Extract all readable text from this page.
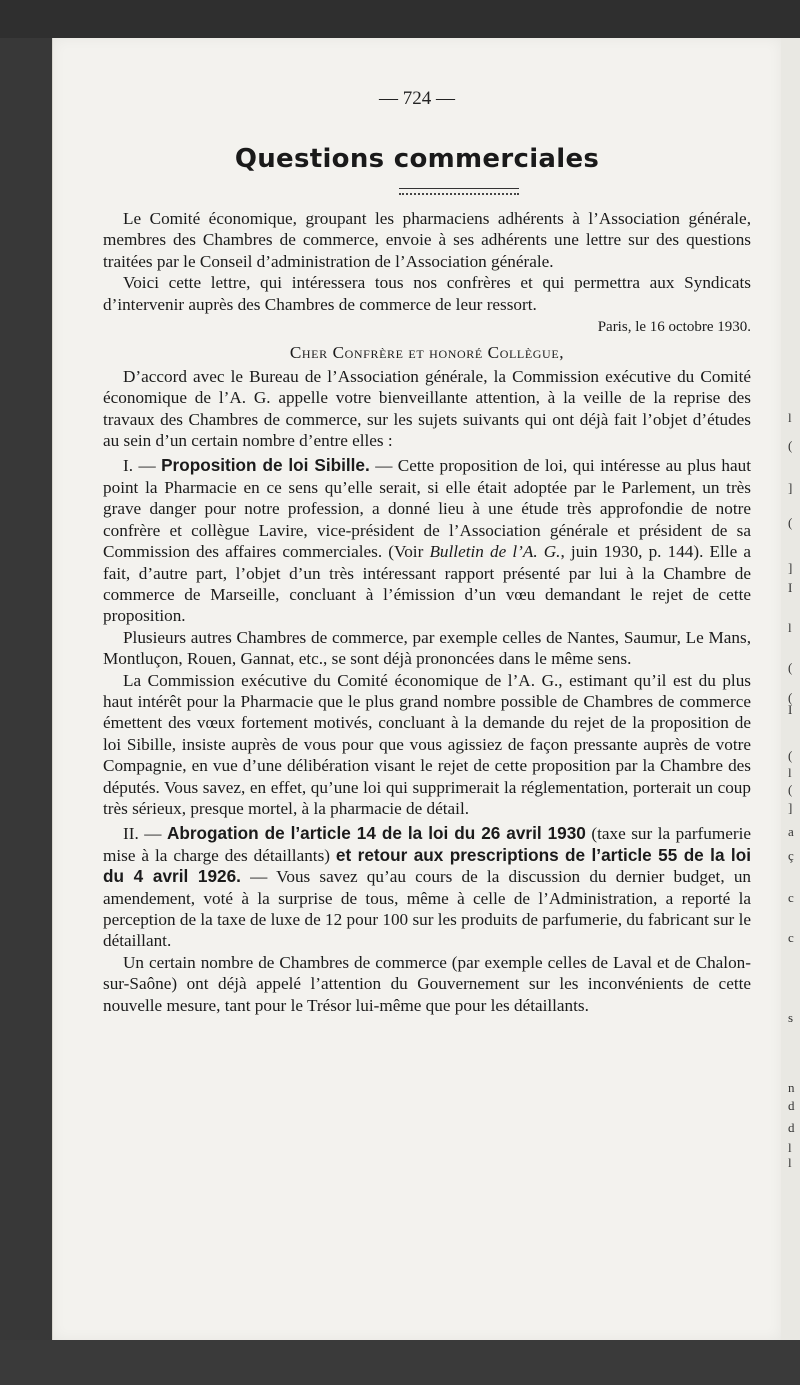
l
(
]
(
]
I
l
(
(
I
(
l
(
]
a
ç
c
c
s
n
d
d
l
l
— 724 —
Questions commerciales

Le Comité économique, groupant les pharmaciens adhérents à l’Association générale, membres des Chambres de commerce, envoie à ses adhérents une lettre sur des questions traitées par le Conseil d’administration de l’Association générale.

Voici cette lettre, qui intéressera tous nos confrères et qui permettra aux Syndicats d’intervenir auprès des Chambres de commerce de leur ressort.

Paris, le 16 octobre 1930.

Cher Confrère et honoré Collègue,

D’accord avec le Bureau de l’Association générale, la Commission exécutive du Comité économique de l’A. G. appelle votre bienveillante attention, à la veille de la reprise des travaux des Chambres de commerce, sur les sujets suivants qui ont déjà fait l’objet d’études au sein d’un certain nombre d’entre elles :

I. — Proposition de loi Sibille. — Cette proposition de loi, qui intéresse au plus haut point la Pharmacie en ce sens qu’elle serait, si elle était adoptée par le Parlement, un très grave danger pour notre profession, a donné lieu à une étude très approfondie de notre confrère et collègue Lavire, vice-président de l’Association générale et président de sa Commission des affaires commerciales. (Voir Bulletin de l’A. G., juin 1930, p. 144). Elle a fait, d’autre part, l’objet d’un très intéressant rapport présenté par lui à la Chambre de commerce de Marseille, concluant à l’émission d’un vœu demandant le rejet de cette proposition.

Plusieurs autres Chambres de commerce, par exemple celles de Nantes, Saumur, Le Mans, Montluçon, Rouen, Gannat, etc., se sont déjà prononcées dans le même sens.

La Commission exécutive du Comité économique de l’A. G., estimant qu’il est du plus haut intérêt pour la Pharmacie que le plus grand nombre possible de Chambres de commerce émettent des vœux fortement motivés, concluant à la demande du rejet de la proposition de loi Sibille, insiste auprès de vous pour que vous agissiez de façon pressante auprès de votre Compagnie, en vue d’une délibération visant le rejet de cette proposition par la Chambre des députés. Vous savez, en effet, qu’une loi qui supprimerait la réglementation, porterait un coup très sérieux, presque mortel, à la pharmacie de détail.

II. — Abrogation de l’article 14 de la loi du 26 avril 1930 (taxe sur la parfumerie mise à la charge des détaillants) et retour aux prescriptions de l’article 55 de la loi du 4 avril 1926. — Vous savez qu’au cours de la discussion du dernier budget, un amendement, voté à la surprise de tous, même à celle de l’Administration, a reporté la perception de la taxe de luxe de 12 pour 100 sur les produits de parfumerie, du fabricant sur le détaillant.

Un certain nombre de Chambres de commerce (par exemple celles de Laval et de Chalon-sur-Saône) ont déjà appelé l’attention du Gouvernement sur les inconvénients de cette nouvelle mesure, tant pour le Trésor lui-même que pour les détaillants.
